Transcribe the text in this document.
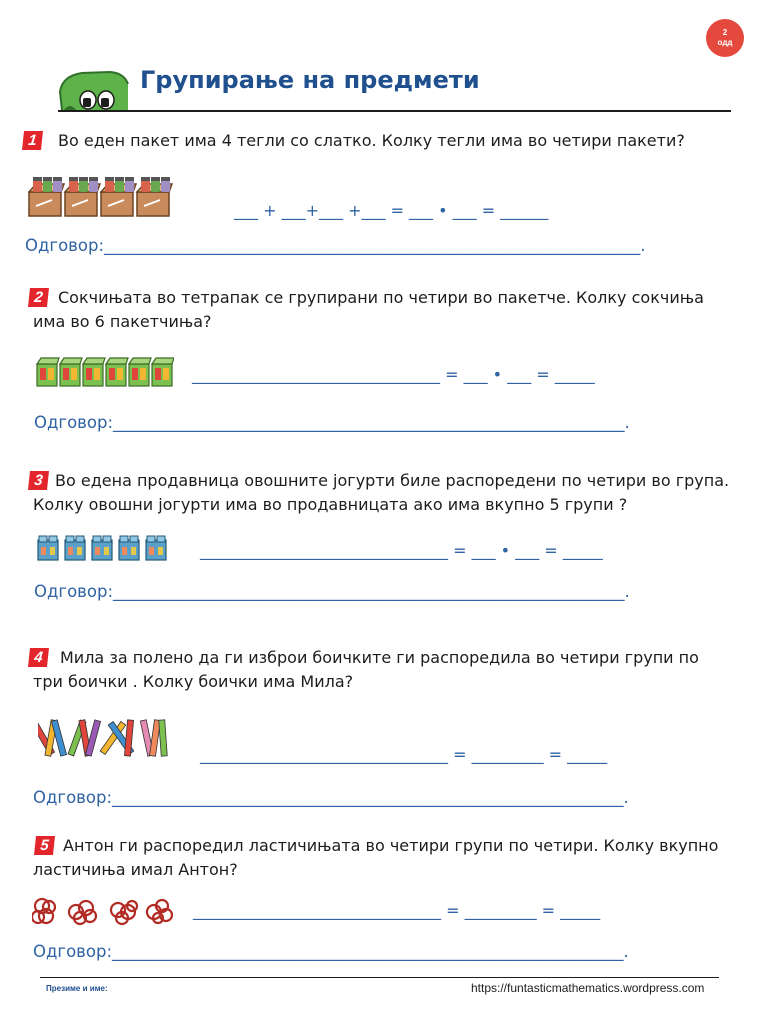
2
одд
Групирање на предмети
1	Во еден пакет има 4 тегли со слатко. Колку тегли има во четири пакети?
___ + ___+___ +___ = ___ • ___ = ______
Одговор:_________________________________________________________________.
2 Сокчињата во тетрапак се групирани по четири во пакетче. Колку сокчиња
има во 6 пакетчиња?
_______________________________ = ___ • ___ = _____
Одговор:______________________________________________________________.
3 Во едена продавница овошните јогурти биле распоредени по четири во група.
Колку овошни јогурти има во продавницата ако има вкупно 5 групи ?
_______________________________ = ___ • ___ = _____
Одговор:______________________________________________________________.
4	Мила за полено да ги изброи боичките ги распоредила во четири групи по
три боички . Колку боички има Мила?
_______________________________ = _________ = _____
Одговор:______________________________________________________________.
5 Антон ги распоредил ластичињата во четири групи по четири. Колку вкупно
ластичиња имал Антон?
_______________________________ = _________ = _____
Одговор:______________________________________________________________.
Презиме и име:	https://funtasticmathematics.wordpress.com
